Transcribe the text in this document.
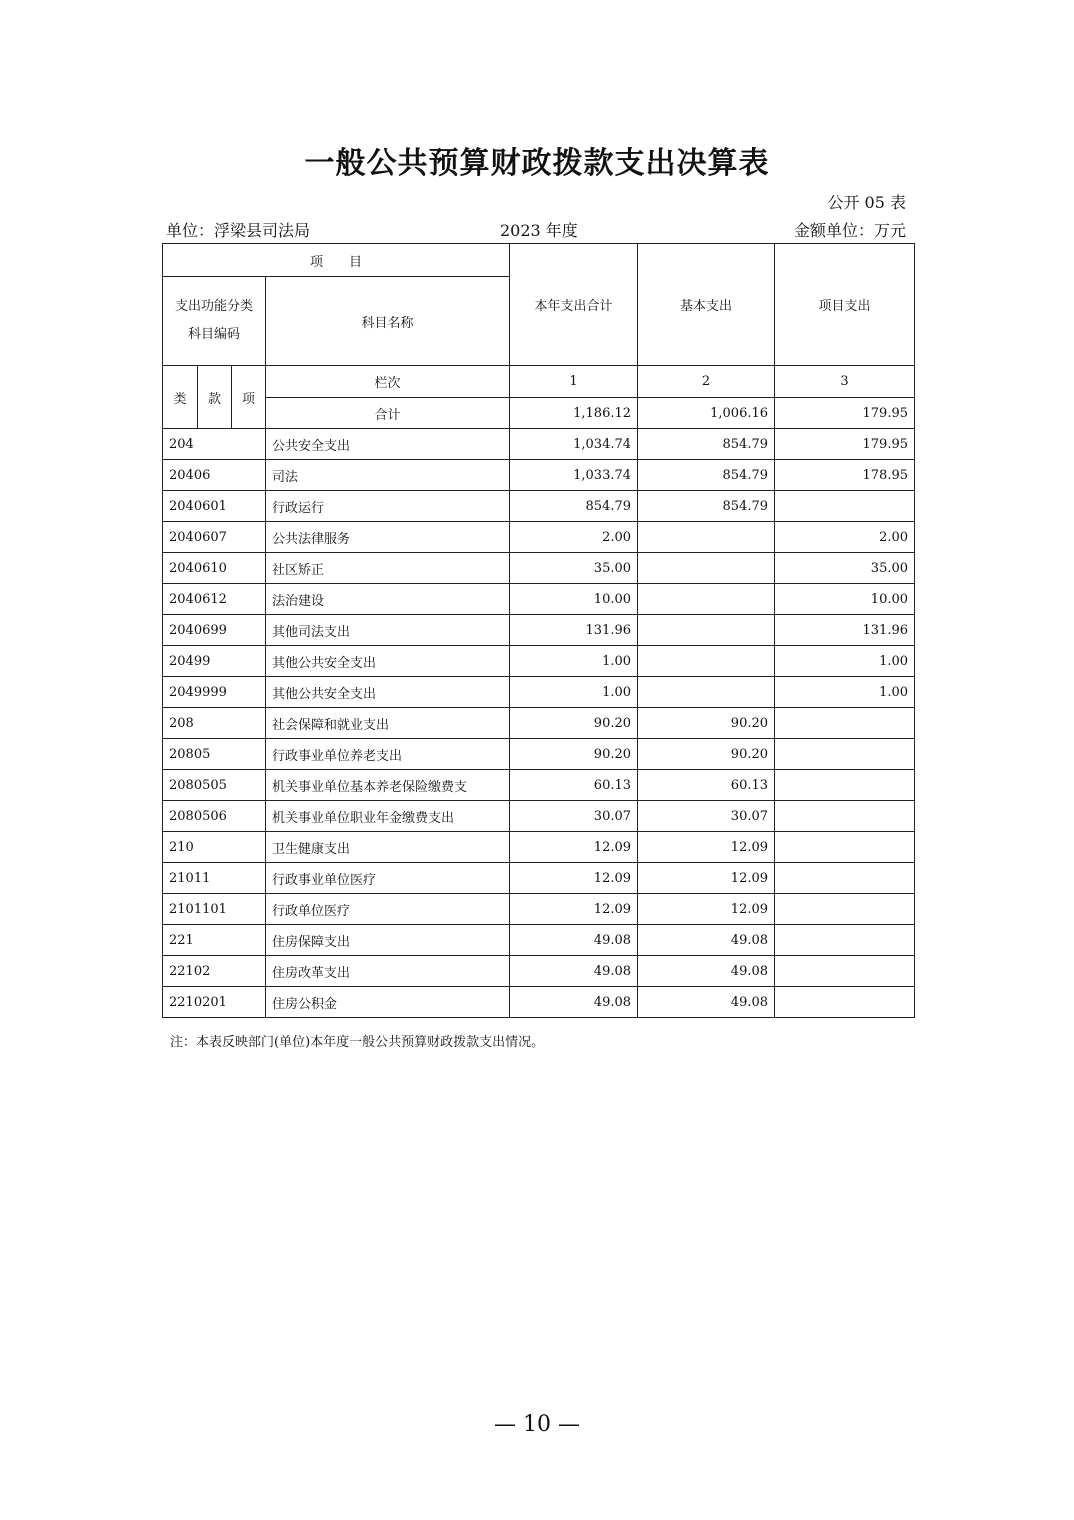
一般公共预算财政拨款支出决算表
公开 05 表
单位：浮梁县司法局	2023 年度	金额单位：万元
项　　目				本年支出合计	基本支出	项目支出
支出功能分类科目编码			科目名称			
类	款	项	栏次	1	2	3
			合计	1,186.12	1,006.16	179.95
204			公共安全支出	1,034.74	854.79	179.95
20406			司法	1,033.74	854.79	178.95
2040601			行政运行	854.79	854.79	
2040607			公共法律服务	2.00		2.00
2040610			社区矫正	35.00		35.00
2040612			法治建设	10.00		10.00
2040699			其他司法支出	131.96		131.96
20499			其他公共安全支出	1.00		1.00
2049999			其他公共安全支出	1.00		1.00
208			社会保障和就业支出	90.20	90.20	
20805			行政事业单位养老支出	90.20	90.20	
2080505			机关事业单位基本养老保险缴费支	60.13	60.13	
2080506			机关事业单位职业年金缴费支出	30.07	30.07	
210			卫生健康支出	12.09	12.09	
21011			行政事业单位医疗	12.09	12.09	
2101101			行政单位医疗	12.09	12.09	
221			住房保障支出	49.08	49.08	
22102			住房改革支出	49.08	49.08	
2210201			住房公积金	49.08	49.08	
注：本表反映部门(单位)本年度一般公共预算财政拨款支出情况。
— 10 —
